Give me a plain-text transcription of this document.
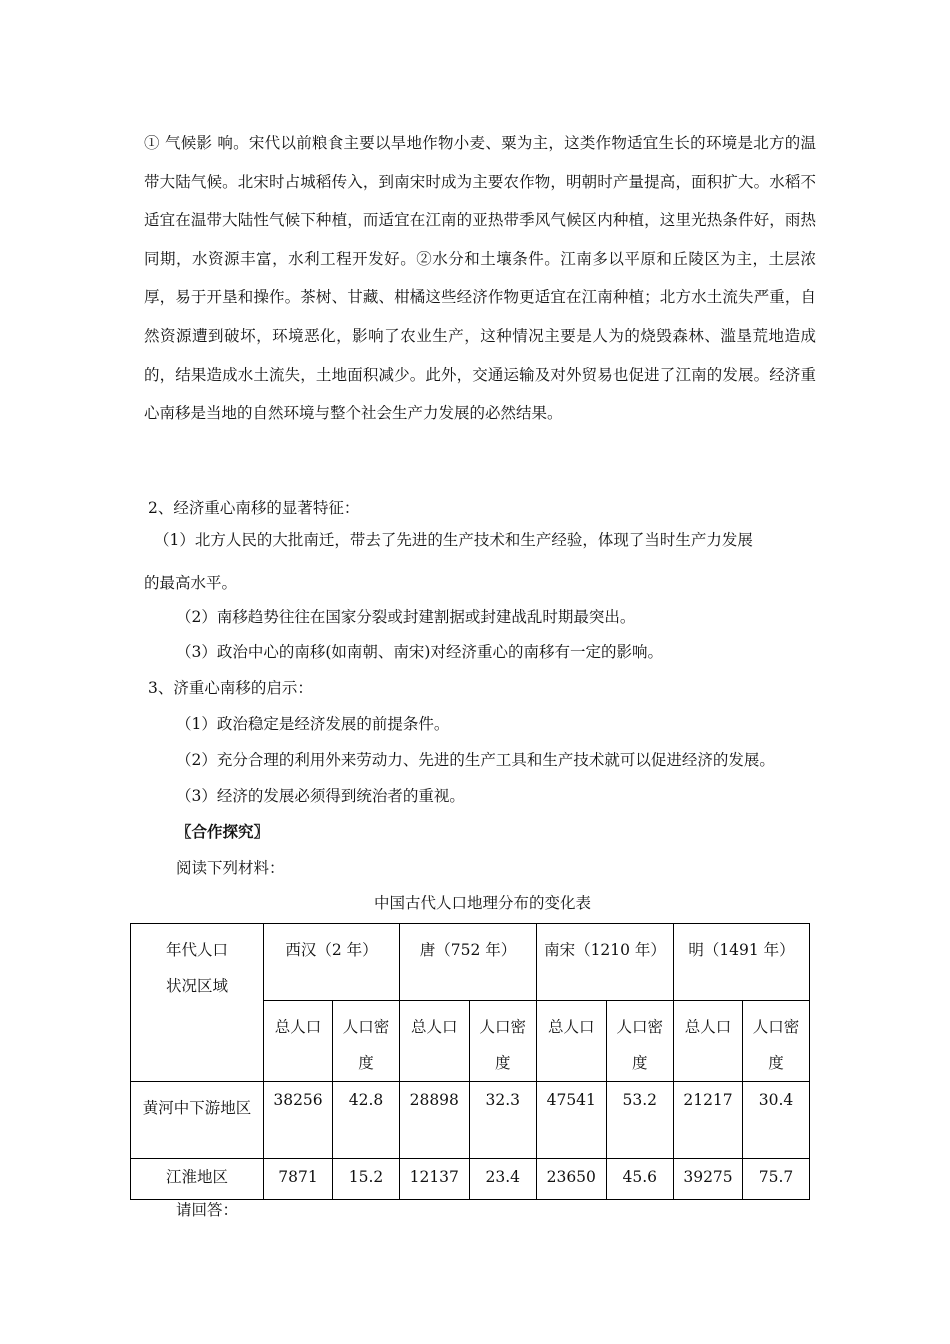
① 气候影 响。宋代以前粮食主要以旱地作物小麦、粟为主，这类作物适宜生长的环境是北方的温带大陆气候。北宋时占城稻传入，到南宋时成为主要农作物，明朝时产量提高，面积扩大。水稻不适宜在温带大陆性气候下种植，而适宜在江南的亚热带季风气候区内种植，这里光热条件好，雨热同期，水资源丰富，水利工程开发好。②水分和土壤条件。江南多以平原和丘陵区为主，土层浓厚，易于开垦和操作。茶树、甘藏、柑橘这些经济作物更适宜在江南种植；北方水土流失严重，自然资源遭到破坏，环境恶化，影响了农业生产，这种情况主要是人为的烧毁森林、滥垦荒地造成的，结果造成水土流失，土地面积减少。此外，交通运输及对外贸易也促进了江南的发展。经济重心南移是当地的自然环境与整个社会生产力发展的必然结果。

2、经济重心南移的显著特征：

（1）北方人民的大批南迁，带去了先进的生产技术和生产经验，体现了当时生产力发展

的最高水平。

（2）南移趋势往往在国家分裂或封建割据或封建战乱时期最突出。

（3）政治中心的南移(如南朝、南宋)对经济重心的南移有一定的影响。

3、济重心南移的启示：

（1）政治稳定是经济发展的前提条件。

（2）充分合理的利用外来劳动力、先进的生产工具和生产技术就可以促进经济的发展。

（3）经济的发展必须得到统治者的重视。

〖合作探究〗

阅读下列材料：

中国古代人口地理分布的变化表

年代人口
状况区域	西汉（2 年）		唐（752 年）		南宋（1210 年）		明（1491 年）	
	总人口	人口密度	总人口	人口密度	总人口	人口密度	总人口	人口密度
黄河中下游地区	38256	42.8	28898	32.3	47541	53.2	21217	30.4
江淮地区	7871	15.2	12137	23.4	23650	45.6	39275	75.7

请回答：
